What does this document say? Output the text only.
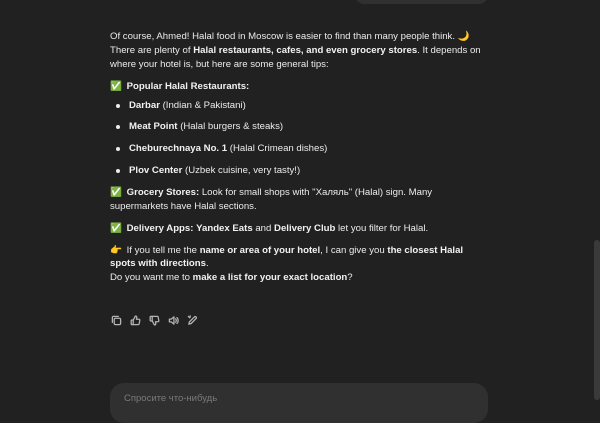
Of course, Ahmed! Halal food in Moscow is easier to find than many people think. 🌙 There are plenty of Halal restaurants, cafes, and even grocery stores. It depends on where your hotel is, but here are some general tips:

✅ Popular Halal Restaurants:

Darbar (Indian & Pakistani)
Meat Point (Halal burgers & steaks)
Cheburechnaya No. 1 (Halal Crimean dishes)
Plov Center (Uzbek cuisine, very tasty!)

✅ Grocery Stores: Look for small shops with "Халяль" (Halal) sign. Many supermarkets have Halal sections.

✅ Delivery Apps: Yandex Eats and Delivery Club let you filter for Halal.

👉 If you tell me the name or area of your hotel, I can give you the closest Halal spots with directions.

Do you want me to make a list for your exact location?

Спросите что-нибудь
